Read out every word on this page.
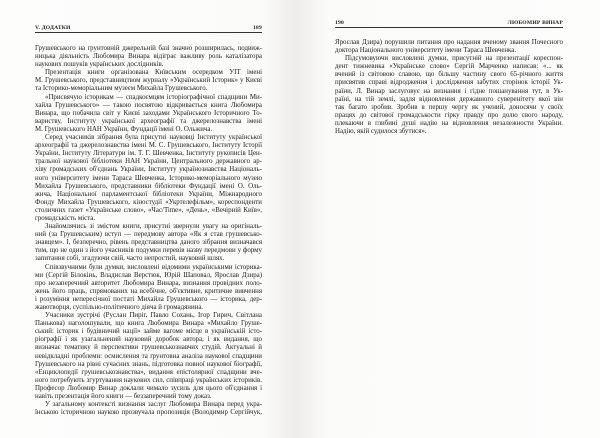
V. ДОДАТКИ	189
Грушевського на ґрунтовній джерельній базі значно розширилась, подвиж-
ницька діяльність Любомира Винара відіграє важливу роль каталізатора
наукових пошуків українських дослідників.
Презентація книги організована Київським осередком УІТ імені
М. Грушевського, представництвом журналу «Український Історик» у Києві
та Історико-меморіальним музеєм Михайла Грушевського.
«Присвячую історикам — спадкоємцям історіографічної спадщини Ми-
хайла Грушевського» — такою посвятою відкривається книга Любомира
Винара, що побачила світ у Києві заходами Українського Історичного То-
вариству, Інституту української археографії та джерелознавства імені
М. Грушевського НАН України, Фундації імені О. Ольжича.
Серед учасників зібрання була присутні науковці Інституту української
археографії та джерелознавства імені М. С. Грушевського, Інституту Історії
України, Інституту Літератури ім. Т. Г. Шевченка, Інституту рукописів Цен-
тральної наукової бібліотеки НАН України, Центрального державного ар-
хіву громадських об'єднань України, Інституту українознавства Національ-
ного університету імени Тараса Шевченка, Історико-меморіального музею
Михайла Грушевського, представники бібліотеки Фундації імені О. Оль-
жича, Національної парламентської бібліотеки України, Міжнародного
Фонду Михайла Грушевського, кіностудії «Укртелефільм», кореспонденти
столичних газет «Українське слово», «Час/Time», «День», «Вечірній Київ»,
громадськість міста.
Знайомлячись зі змістом книги, присутні звернули увагу на оригіналь-
ний (за Грушевським) вступ — передмову автора «Як я став грушевсько-
знавцем». І, безперечно, рівень представництва даного зібрання визначався
тим, що не один з його учасників подумки перевів назву передмови у форму
запитання собі, згадуючи свій, часто непростий, науковий шлях.
Співзвучними були думки, висловлені відомими українськими історика-
ми (Сергій Білокінь, Владислав Верстюк, Юрій Шаповал, Ярослав Дзира)
про незаперечний авторитет Любомира Винара, визнання провідних поло-
жень його праць, спрямованих на всебічне, об'єктивне, критичне вивчення
і розуміння непересічної постаті Михайла Грушевського — історика, дер-
жавотворця, суспільно-політичного діяча й громадянина.
Учасники зустрічі (Руслан Пиріг, Павло Сохань, Ігор Гирич, Світлана
Панькова) наголошували, що книга Любомира Винара «Михайло Груше-
ський: історик і будівничий нації» займе вагоме місце в українській істо-
ріографії і як узагальнений науковий доробок автора, і як видання, що
визначає тематику й перспективи грушевськознавчих студій. Актуальні й
невідкладні проблеми: осмислення та ґрунтовна аналіза наукової спадщини
Грушевського на рівні сучасних знань, підготовка повної наукової біографії,
«Енциклопедії грушевськознавства», видання епістолярної спадщини вче-
ного потребують згуртування наукових сил, співпраці українських істориків.
Професор Любомир Винар доклали чимало зусиль для цього об'єднання і
навіть презентація його книги — беззаперечний тому доказ.
У загальному контексті визнання заслуг Любомира Винара перед укра-
їнською історичною наукою прозвучала пропозиція (Володимир Сергійчук,
190	ЛЮБОМИР ВИНАР
Ярослав Дзира) порушили питання про надання вченому звання Почесного
доктора Національного університету імени Тараса Шевченка.
Підсумовуючи висловлені думки, присутній на презентації кореспон-
дент тижневика «Українське слово» Сергій Марченко написав: «... як
вчений із світовою славою, що більшу частину свого 65-річного життя
присвятив справі відродження і дослідження забутих сторінок історії Ук-
раїни, Л. Винар заслуговує на визнання і гідне пошанування тут, в Ук-
раїні, на тій землі, задля відновлення державного суверенітету якої він
так багато зробив. Зробив в першу чергу як учений, доносячи у своїх
працях до світової громадськости гірку правду про долю свого народу,
плекаючи в глибині душі надію на відновлення незалежности України.
Надію, якій судилося збутися».
